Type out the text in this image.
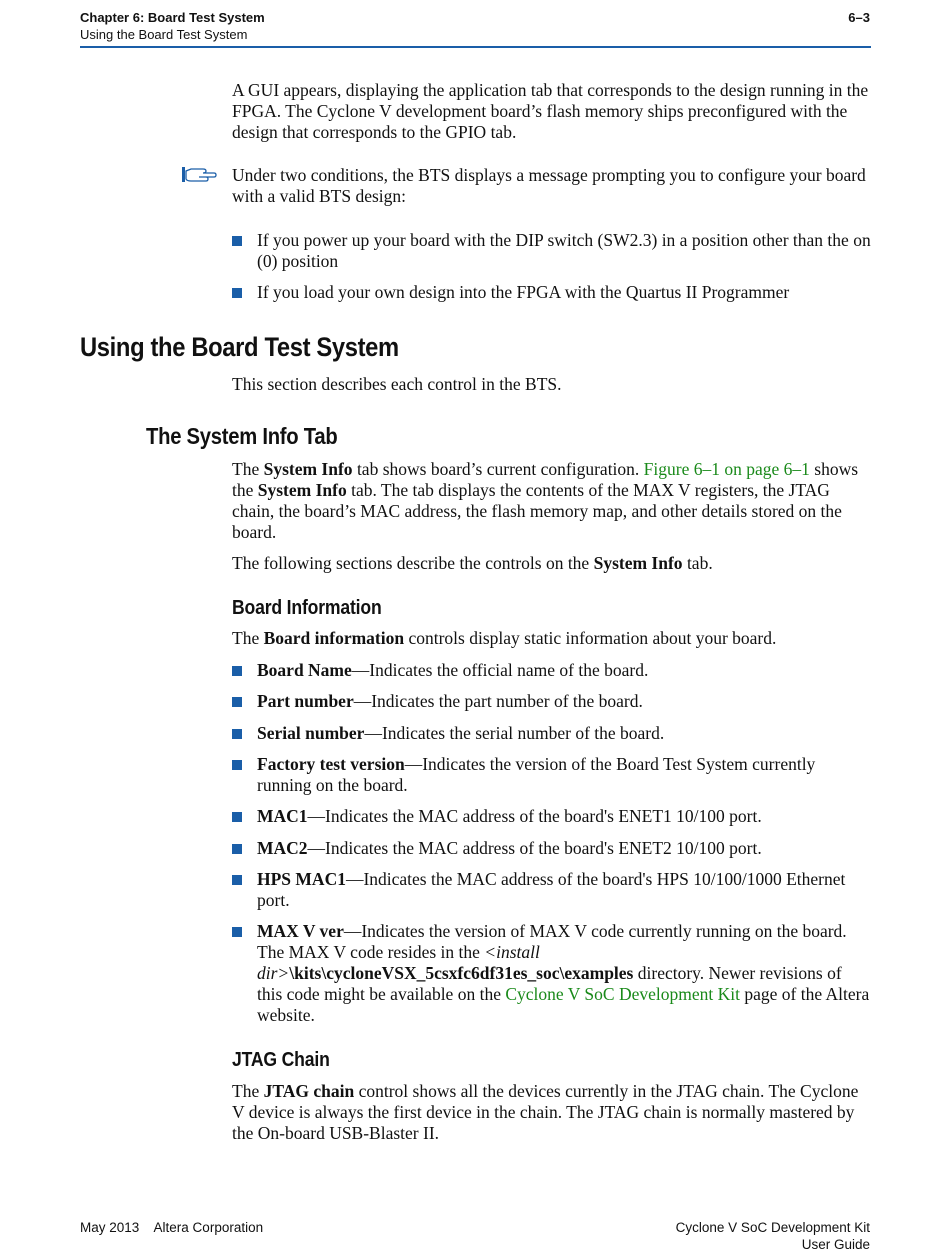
Chapter 6: Board Test System
Using the Board Test System
6–3
A GUI appears, displaying the application tab that corresponds to the design running in the FPGA. The Cyclone V development board’s flash memory ships preconfigured with the design that corresponds to the GPIO tab.
Under two conditions, the BTS displays a message prompting you to configure your board with a valid BTS design:
If you power up your board with the DIP switch (SW2.3) in a position other than the on (0) position
If you load your own design into the FPGA with the Quartus II Programmer
Using the Board Test System
This section describes each control in the BTS.
The System Info Tab
The System Info tab shows board’s current configuration. Figure 6–1 on page 6–1 shows the System Info tab. The tab displays the contents of the MAX V registers, the JTAG chain, the board’s MAC address, the flash memory map, and other details stored on the board.
The following sections describe the controls on the System Info tab.
Board Information
The Board information controls display static information about your board.
Board Name—Indicates the official name of the board.
Part number—Indicates the part number of the board.
Serial number—Indicates the serial number of the board.
Factory test version—Indicates the version of the Board Test System currently running on the board.
MAC1—Indicates the MAC address of the board's ENET1 10/100 port.
MAC2—Indicates the MAC address of the board's ENET2 10/100 port.
HPS MAC1—Indicates the MAC address of the board's HPS 10/100/1000 Ethernet port.
MAX V ver—Indicates the version of MAX V code currently running on the board. The MAX V code resides in the <install dir>\kits\cycloneVSX_5csxfc6df31es_soc\examples directory. Newer revisions of this code might be available on the Cyclone V SoC Development Kit page of the Altera website.
JTAG Chain
The JTAG chain control shows all the devices currently in the JTAG chain. The Cyclone V device is always the first device in the chain. The JTAG chain is normally mastered by the On-board USB-Blaster II.
May 2013    Altera Corporation	Cyclone V SoC Development Kit
User Guide
